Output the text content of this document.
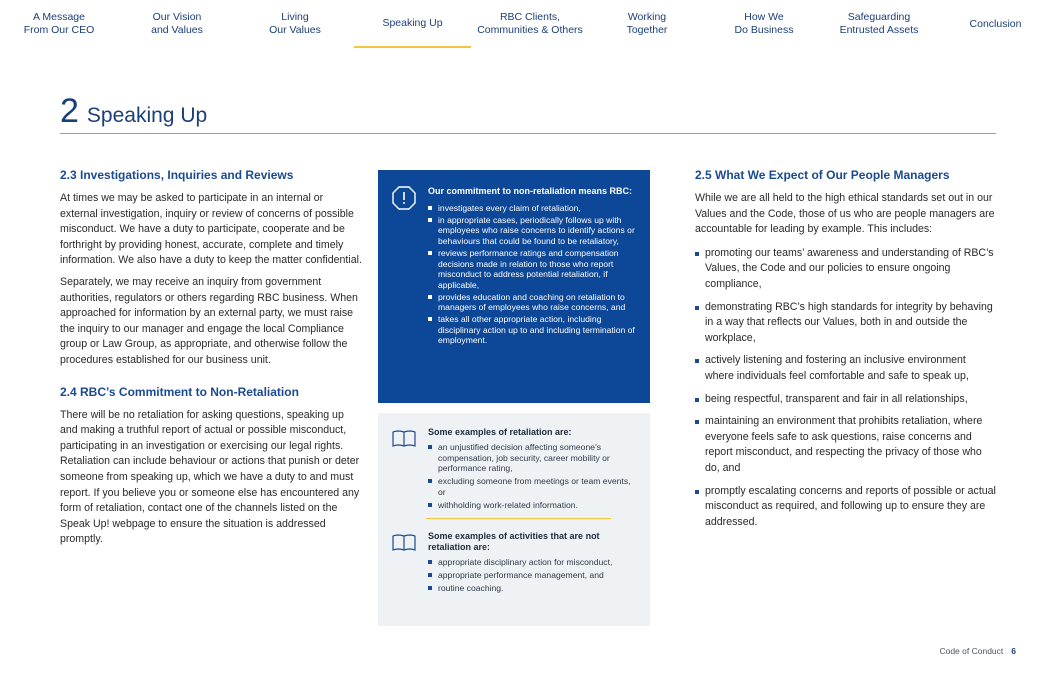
A Message
From Our CEO
Our Vision
and Values
Living
Our Values
Speaking Up	RBC Clients,
Communities & Others
Working
Together
How We
Do Business
Safeguarding
Entrusted Assets
Conclusion
2 Speaking Up
2.3 Investigations, Inquiries and Reviews

At times we may be asked to participate in an internal or external investigation, inquiry or review of concerns of possible misconduct. We have a duty to participate, cooperate and be forthright by providing honest, accurate, complete and timely information. We also have a duty to keep the matter confidential.

Separately, we may receive an inquiry from government authorities, regulators or others regarding RBC business. When approached for information by an external party, we must raise the inquiry to our manager and engage the local Compliance group or Law Group, as appropriate, and otherwise follow the procedures established for our business unit.

2.4 RBC’s Commitment to Non-Retaliation

There will be no retaliation for asking questions, speaking up and making a truthful report of actual or possible misconduct, participating in an investigation or exercising our legal rights. Retaliation can include behaviour or actions that punish or deter someone from speaking up, which we have a duty to and must report. If you believe you or someone else has encountered any form of retaliation, contact one of the channels listed on the Speak Up! webpage to ensure the situation is addressed promptly.

Our commitment to non-retaliation means RBC:
investigates every claim of retaliation,
in appropriate cases, periodically follows up with employees who raise concerns to identify actions or behaviours that could be found to be retaliatory,
reviews performance ratings and compensation decisions made in relation to those who report misconduct to address potential retaliation, if applicable,
provides education and coaching on retaliation to managers of employees who raise concerns, and
takes all other appropriate action, including disciplinary action up to and including termination of employment.
Some examples of retaliation are:
an unjustified decision affecting someone’s compensation, job security, career mobility or performance rating,
excluding someone from meetings or team events, or
withholding work-related information.
Some examples of activities that are not retaliation are:
appropriate disciplinary action for misconduct,
appropriate performance management, and
routine coaching.
2.5 What We Expect of Our People Managers

While we are all held to the high ethical standards set out in our Values and the Code, those of us who are people managers are accountable for leading by example. This includes:

promoting our teams’ awareness and understanding of RBC’s Values, the Code and our policies to ensure ongoing compliance,
demonstrating RBC’s high standards for integrity by behaving in a way that reflects our Values, both in and outside the workplace,
actively listening and fostering an inclusive environment where individuals feel comfortable and safe to speak up,
being respectful, transparent and fair in all relationships,
maintaining an environment that prohibits retaliation, where everyone feels safe to ask questions, raise concerns and report misconduct, and respecting the privacy of those who do, and
promptly escalating concerns and reports of possible or actual misconduct as required, and following up to ensure they are addressed.
Code of Conduct 6
